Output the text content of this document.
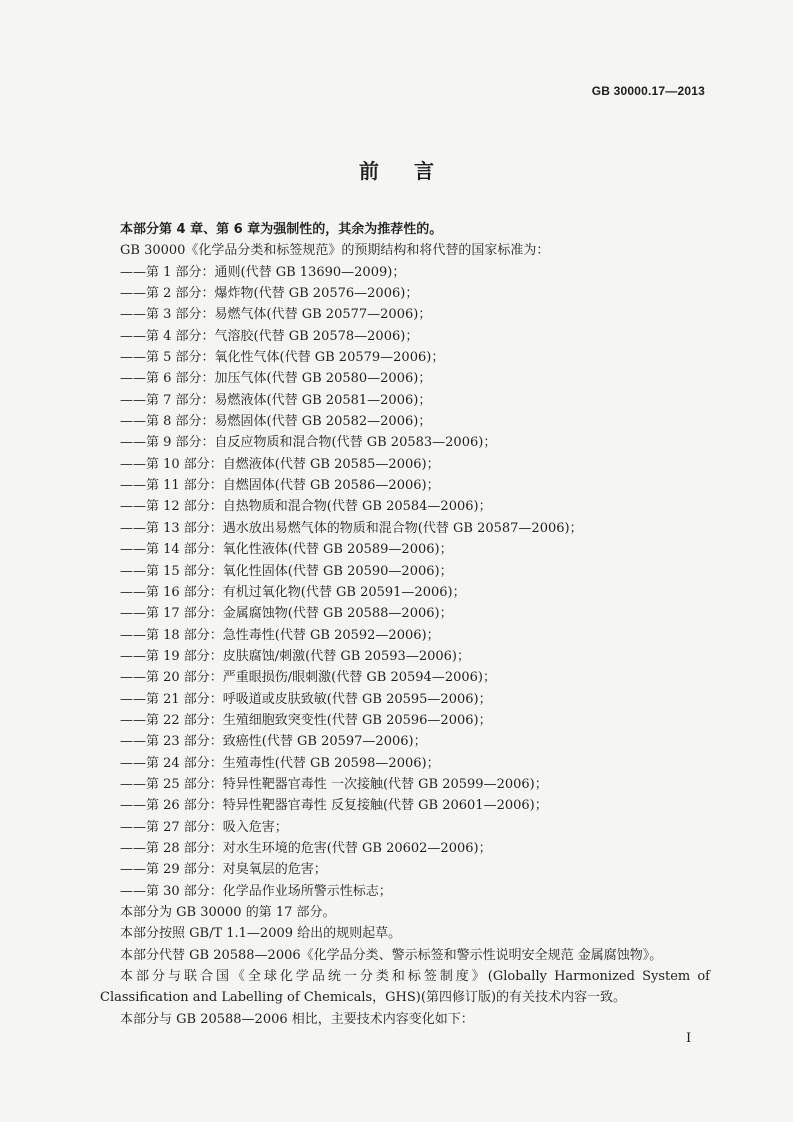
GB 30000.17—2013
前 言
本部分第 4 章、第 6 章为强制性的，其余为推荐性的。
GB 30000《化学品分类和标签规范》的预期结构和将代替的国家标准为：
——第 1 部分：通则(代替 GB 13690—2009)；
——第 2 部分：爆炸物(代替 GB 20576—2006)；
——第 3 部分：易燃气体(代替 GB 20577—2006)；
——第 4 部分：气溶胶(代替 GB 20578—2006)；
——第 5 部分：氧化性气体(代替 GB 20579—2006)；
——第 6 部分：加压气体(代替 GB 20580—2006)；
——第 7 部分：易燃液体(代替 GB 20581—2006)；
——第 8 部分：易燃固体(代替 GB 20582—2006)；
——第 9 部分：自反应物质和混合物(代替 GB 20583—2006)；
——第 10 部分：自燃液体(代替 GB 20585—2006)；
——第 11 部分：自燃固体(代替 GB 20586—2006)；
——第 12 部分：自热物质和混合物(代替 GB 20584—2006)；
——第 13 部分：遇水放出易燃气体的物质和混合物(代替 GB 20587—2006)；
——第 14 部分：氧化性液体(代替 GB 20589—2006)；
——第 15 部分：氧化性固体(代替 GB 20590—2006)；
——第 16 部分：有机过氧化物(代替 GB 20591—2006)；
——第 17 部分：金属腐蚀物(代替 GB 20588—2006)；
——第 18 部分：急性毒性(代替 GB 20592—2006)；
——第 19 部分：皮肤腐蚀/刺激(代替 GB 20593—2006)；
——第 20 部分：严重眼损伤/眼刺激(代替 GB 20594—2006)；
——第 21 部分：呼吸道或皮肤致敏(代替 GB 20595—2006)；
——第 22 部分：生殖细胞致突变性(代替 GB 20596—2006)；
——第 23 部分：致癌性(代替 GB 20597—2006)；
——第 24 部分：生殖毒性(代替 GB 20598—2006)；
——第 25 部分：特异性靶器官毒性 一次接触(代替 GB 20599—2006)；
——第 26 部分：特异性靶器官毒性 反复接触(代替 GB 20601—2006)；
——第 27 部分：吸入危害；
——第 28 部分：对水生环境的危害(代替 GB 20602—2006)；
——第 29 部分：对臭氧层的危害；
——第 30 部分：化学品作业场所警示性标志；
本部分为 GB 30000 的第 17 部分。
本部分按照 GB/T 1.1—2009 给出的规则起草。
本部分代替 GB 20588—2006《化学品分类、警示标签和警示性说明安全规范 金属腐蚀物》。
本部分与联合国《全球化学品统一分类和标签制度》(Globally Harmonized System of
Classification and Labelling of Chemicals，GHS)(第四修订版)的有关技术内容一致。
本部分与 GB 20588—2006 相比，主要技术内容变化如下：
I
